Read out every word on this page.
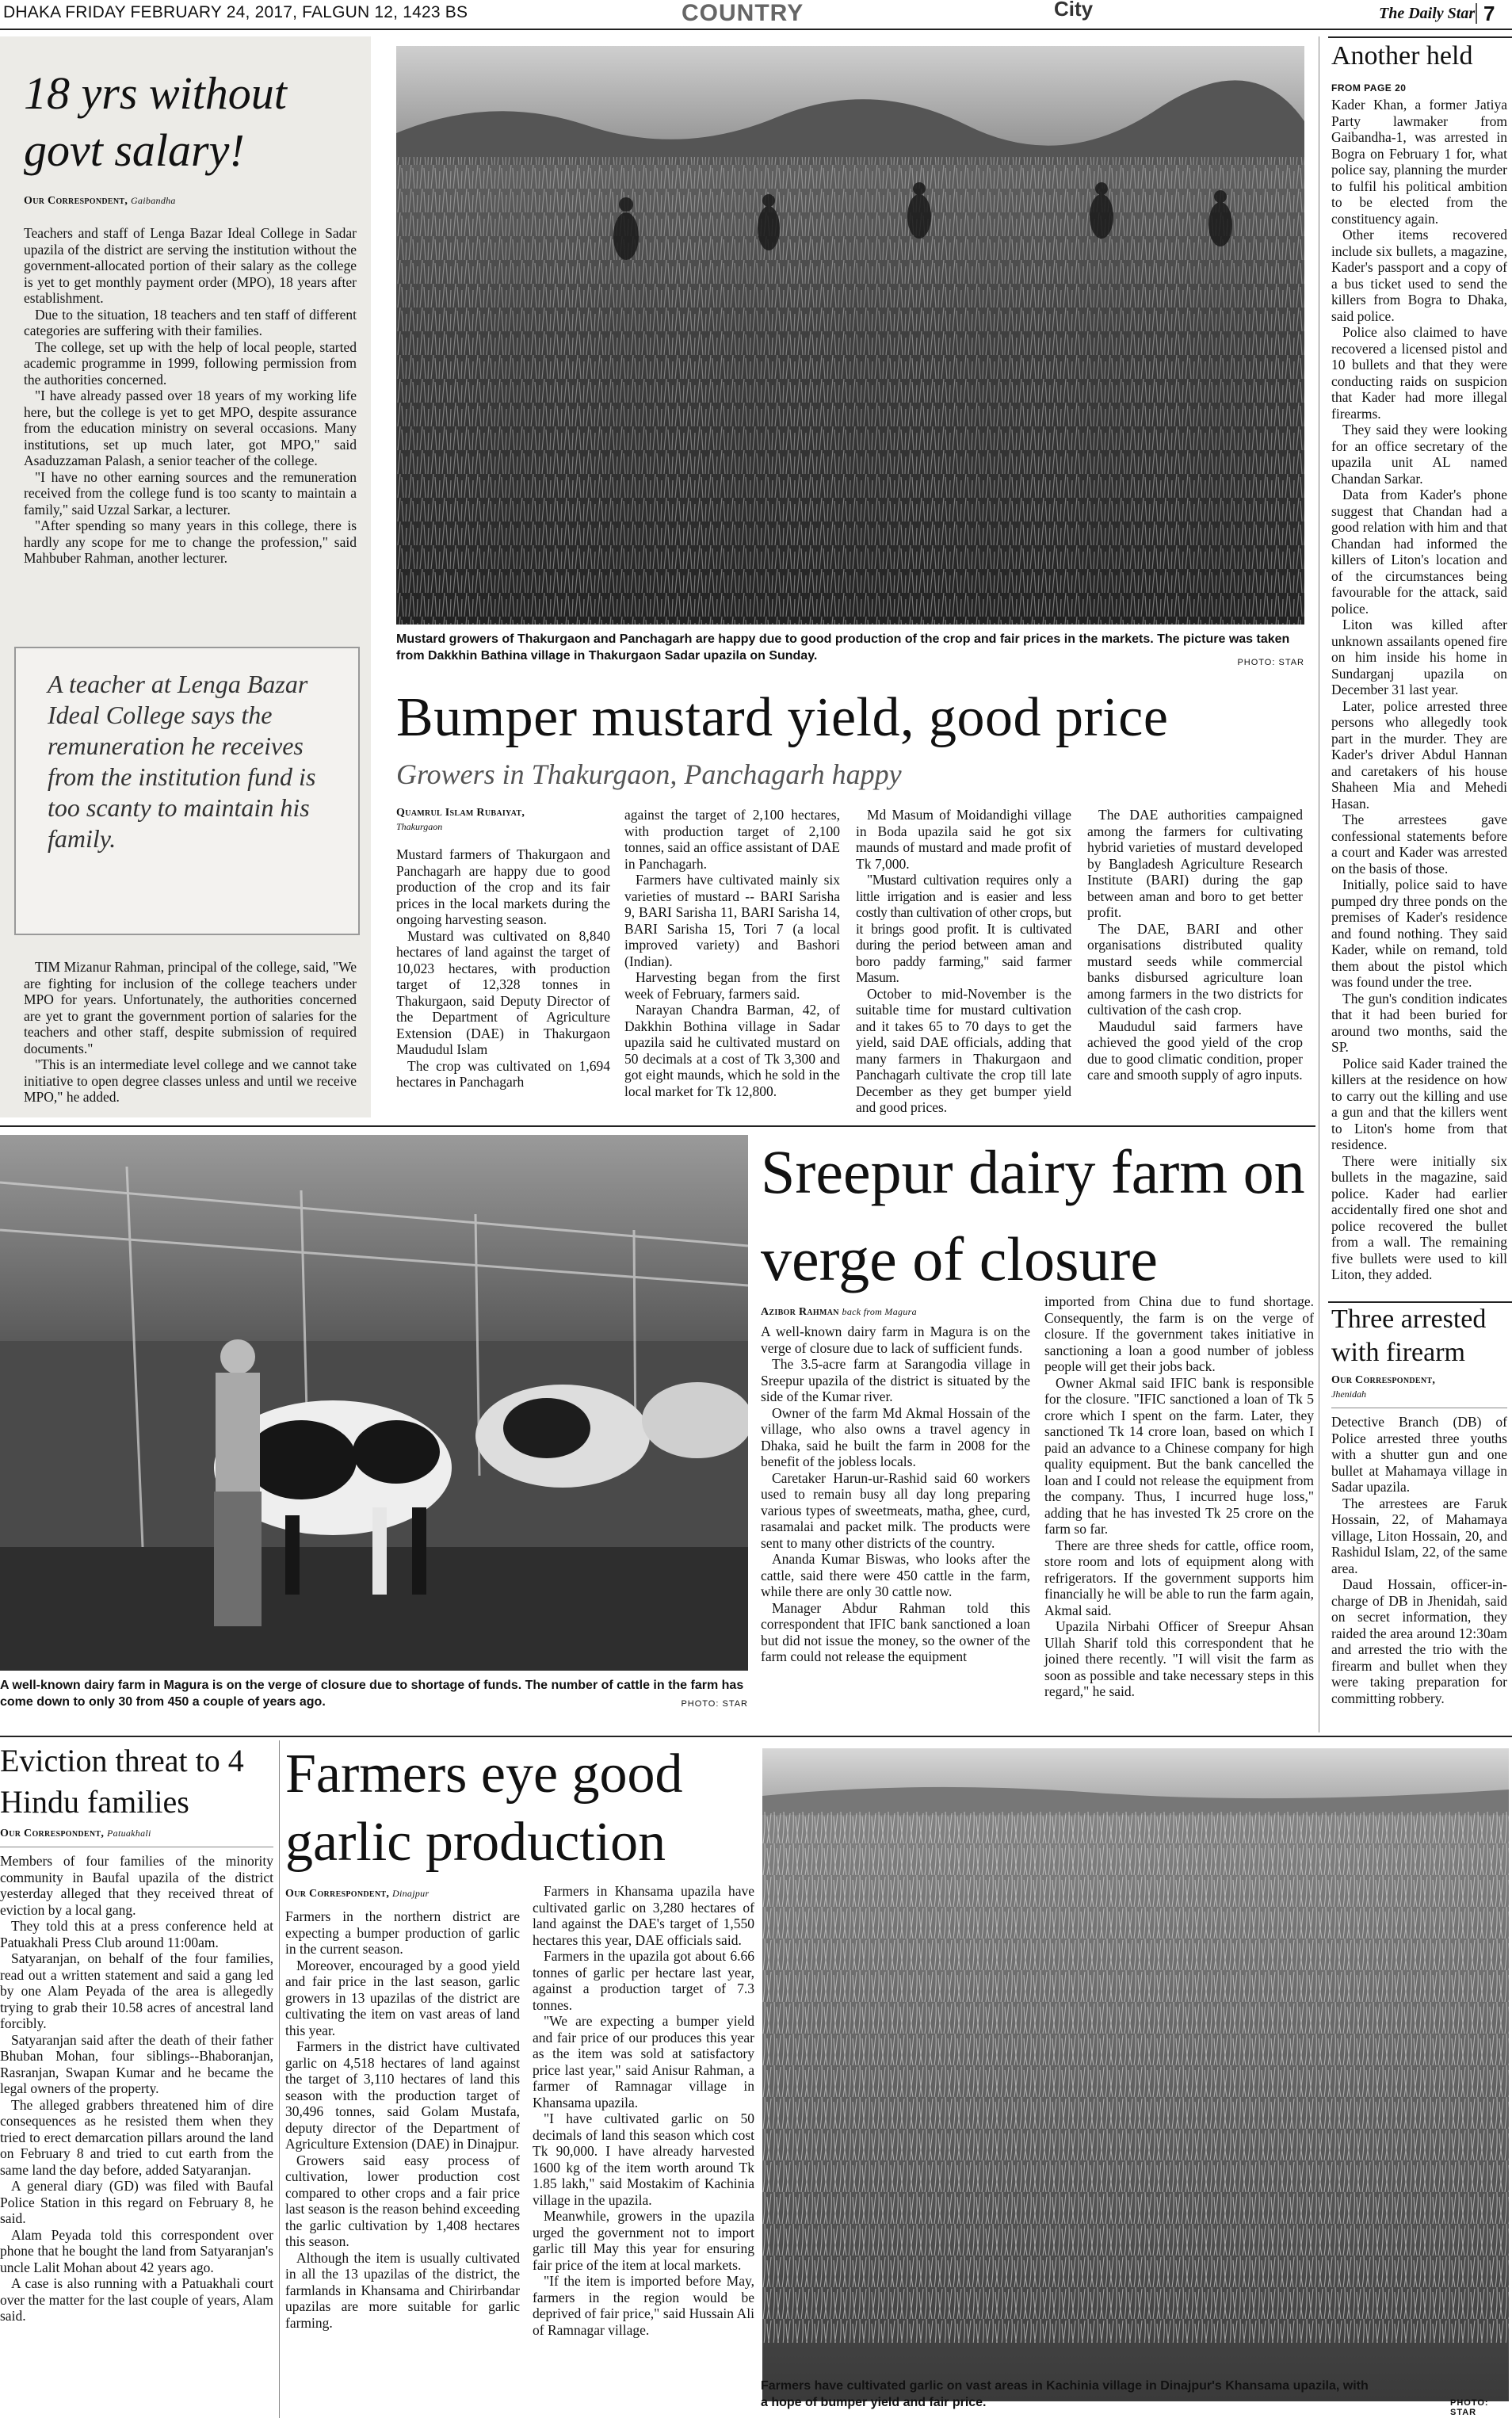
DHAKA FRIDAY FEBRUARY 24, 2017, FALGUN 12, 1423 BS	COUNTRY	City	The Daily Star 7
18 yrs without govt salary!
Our Correspondent, Gaibandha

Teachers and staff of Lenga Bazar Ideal College in Sadar upazila of the district are serving the institution without the government-allocated portion of their salary as the college is yet to get monthly payment order (MPO), 18 years after establishment.

Due to the situation, 18 teachers and ten staff of different categories are suffering with their families.

The college, set up with the help of local people, started academic programme in 1999, following permission from the authorities concerned.

"I have already passed over 18 years of my working life here, but the college is yet to get MPO, despite assurance from the education ministry on several occasions. Many institutions, set up much later, got MPO," said Asaduzzaman Palash, a senior teacher of the college.

"I have no other earning sources and the remuneration received from the college fund is too scanty to maintain a family," said Uzzal Sarkar, a lecturer.

"After spending so many years in this college, there is hardly any scope for me to change the profession," said Mahbuber Rahman, another lecturer.

A teacher at Lenga Bazar Ideal College says the remuneration he receives from the institution fund is too scanty to maintain his family.

TIM Mizanur Rahman, principal of the college, said, "We are fighting for inclusion of the college teachers under MPO for years. Unfortunately, the authorities concerned are yet to grant the government portion of salaries for the teachers and other staff, despite submission of required documents."

"This is an intermediate level college and we cannot take initiative to open degree classes unless and until we receive MPO," he added.

Mustard growers of Thakurgaon and Panchagarh are happy due to good production of the crop and fair prices in the markets. The picture was taken from Dakkhin Bathina village in Thakurgaon Sadar upazila on Sunday.	PHOTO: STAR
Bumper mustard yield, good price
Growers in Thakurgaon, Panchagarh happy
Quamrul Islam Rubaiyat,
Thakurgaon

Mustard farmers of Thakurgaon and Panchagarh are happy due to good production of the crop and its fair prices in the local markets during the ongoing harvesting season.

Mustard was cultivated on 8,840 hectares of land against the target of 10,023 hectares, with production target of 12,328 tonnes in Thakurgaon, said Deputy Director of the Department of Agriculture Extension (DAE) in Thakurgaon Maududul Islam

The crop was cultivated on 1,694 hectares in Panchagarh

against the target of 2,100 hectares, with production target of 2,100 tonnes, said an office assistant of DAE in Panchagarh.

Farmers have cultivated mainly six varieties of mustard -- BARI Sarisha 9, BARI Sarisha 11, BARI Sarisha 14, BARI Sarisha 15, Tori 7 (a local improved variety) and Bashori (Indian).

Harvesting began from the first week of February, farmers said.

Narayan Chandra Barman, 42, of Dakkhin Bothina village in Sadar upazila said he cultivated mustard on 50 decimals at a cost of Tk 3,300 and got eight maunds, which he sold in the local market for Tk 12,800.

Md Masum of Moidandighi village in Boda upazila said he got six maunds of mustard and made profit of Tk 7,000.

"Mustard cultivation requires only a little irrigation and is easier and less costly than cultivation of other crops, but it brings good profit. It is cultivated during the period between aman and boro paddy farming," said farmer Masum.

October to mid-November is the suitable time for mustard cultivation and it takes 65 to 70 days to get the yield, said DAE officials, adding that many farmers in Thakurgaon and Panchagarh cultivate the crop till late December as they get bumper yield and good prices.

The DAE authorities campaigned among the farmers for cultivating hybrid varieties of mustard developed by Bangladesh Agriculture Research Institute (BARI) during the gap between aman and boro to get better profit.

The DAE, BARI and other organisations distributed quality mustard seeds while commercial banks disbursed agriculture loan among farmers in the two districts for cultivation of the cash crop.

Maududul said farmers have achieved the good yield of the crop due to good climatic condition, proper care and smooth supply of agro inputs.

Another held
FROM PAGE 20

Kader Khan, a former Jatiya Party lawmaker from Gaibandha-1, was arrested in Bogra on February 1 for, what police say, planning the murder to fulfil his political ambition to be elected from the constituency again.

Other items recovered include six bullets, a magazine, Kader's passport and a copy of a bus ticket used to send the killers from Bogra to Dhaka, said police.

Police also claimed to have recovered a licensed pistol and 10 bullets and that they were conducting raids on suspicion that Kader had more illegal firearms.

They said they were looking for an office secretary of the upazila unit AL named Chandan Sarkar.

Data from Kader's phone suggest that Chandan had a good relation with him and that Chandan had informed the killers of Liton's location and of the circumstances being favourable for the attack, said police.

Liton was killed after unknown assailants opened fire on him inside his home in Sundarganj upazila on December 31 last year.

Later, police arrested three persons who allegedly took part in the murder. They are Kader's driver Abdul Hannan and caretakers of his house Shaheen Mia and Mehedi Hasan.

The arrestees gave confessional statements before a court and Kader was arrested on the basis of those.

Initially, police said to have pumped dry three ponds on the premises of Kader's residence and found nothing. They said Kader, while on remand, told them about the pistol which was found under the tree.

The gun's condition indicates that it had been buried for around two months, said the SP.

Police said Kader trained the killers at the residence on how to carry out the killing and use a gun and that the killers went to Liton's home from that residence.

There were initially six bullets in the magazine, said police. Kader had earlier accidentally fired one shot and police recovered the bullet from a wall. The remaining five bullets were used to kill Liton, they added.

Three arrested with firearm
Our Correspondent,
Jhenidah

Detective Branch (DB) of Police arrested three youths with a shutter gun and one bullet at Mahamaya village in Sadar upazila.

The arrestees are Faruk Hossain, 22, of Mahamaya village, Liton Hossain, 20, and Rashidul Islam, 22, of the same area.

Daud Hossain, officer-in-charge of DB in Jhenidah, said on secret information, they raided the area around 12:30am and arrested the trio with the firearm and bullet when they were taking preparation for committing robbery.

A well-known dairy farm in Magura is on the verge of closure due to shortage of funds. The number of cattle in the farm has come down to only 30 from 450 a couple of years ago.	PHOTO: STAR
Sreepur dairy farm on verge of closure
Azibor Rahman back from Magura

A well-known dairy farm in Magura is on the verge of closure due to lack of sufficient funds.

The 3.5-acre farm at Sarangodia village in Sreepur upazila of the district is situated by the side of the Kumar river.

Owner of the farm Md Akmal Hossain of the village, who also owns a travel agency in Dhaka, said he built the farm in 2008 for the benefit of the jobless locals.

Caretaker Harun-ur-Rashid said 60 workers used to remain busy all day long preparing various types of sweetmeats, matha, ghee, curd, rasamalai and packet milk. The products were sent to many other districts of the country.

Ananda Kumar Biswas, who looks after the cattle, said there were 450 cattle in the farm, while there are only 30 cattle now.

Manager Abdur Rahman told this correspondent that IFIC bank sanctioned a loan but did not issue the money, so the owner of the farm could not release the equipment

imported from China due to fund shortage. Consequently, the farm is on the verge of closure. If the government takes initiative in sanctioning a loan a good number of jobless people will get their jobs back.

Owner Akmal said IFIC bank is responsible for the closure. "IFIC sanctioned a loan of Tk 5 crore which I spent on the farm. Later, they sanctioned Tk 14 crore loan, based on which I paid an advance to a Chinese company for high quality equipment. But the bank cancelled the loan and I could not release the equipment from the company. Thus, I incurred huge loss," adding that he has invested Tk 25 crore on the farm so far.

There are three sheds for cattle, office room, store room and lots of equipment along with refrigerators. If the government supports him financially he will be able to run the farm again, Akmal said.

Upazila Nirbahi Officer of Sreepur Ahsan Ullah Sharif told this correspondent that he joined there recently. "I will visit the farm as soon as possible and take necessary steps in this regard," he said.

Eviction threat to 4 Hindu families
Our Correspondent, Patuakhali

Members of four families of the minority community in Baufal upazila of the district yesterday alleged that they received threat of eviction by a local gang.

They told this at a press conference held at Patuakhali Press Club around 11:00am.

Satyaranjan, on behalf of the four families, read out a written statement and said a gang led by one Alam Peyada of the area is allegedly trying to grab their 10.58 acres of ancestral land forcibly.

Satyaranjan said after the death of their father Bhuban Mohan, four siblings--Bhaboranjan, Rasranjan, Swapan Kumar and he became the legal owners of the property.

The alleged grabbers threatened him of dire consequences as he resisted them when they tried to erect demarcation pillars around the land on February 8 and tried to cut earth from the same land the day before, added Satyaranjan.

A general diary (GD) was filed with Baufal Police Station in this regard on February 8, he said.

Alam Peyada told this correspondent over phone that he bought the land from Satyaranjan's uncle Lalit Mohan about 42 years ago.

A case is also running with a Patuakhali court over the matter for the last couple of years, Alam said.

Farmers eye good garlic production
Our Correspondent, Dinajpur

Farmers in the northern district are expecting a bumper production of garlic in the current season.

Moreover, encouraged by a good yield and fair price in the last season, garlic growers in 13 upazilas of the district are cultivating the item on vast areas of land this year.

Farmers in the district have cultivated garlic on 4,518 hectares of land against the target of 3,110 hectares of land this season with the production target of 30,496 tonnes, said Golam Mustafa, deputy director of the Department of Agriculture Extension (DAE) in Dinajpur.

Growers said easy process of cultivation, lower production cost compared to other crops and a fair price last season is the reason behind exceeding the garlic cultivation by 1,408 hectares this season.

Although the item is usually cultivated in all the 13 upazilas of the district, the farmlands in Khansama and Chirirbandar upazilas are more suitable for garlic farming.

Farmers in Khansama upazila have cultivated garlic on 3,280 hectares of land against the DAE's target of 1,550 hectares this year, DAE officials said.

Farmers in the upazila got about 6.66 tonnes of garlic per hectare last year, against a production target of 7.3 tonnes.

"We are expecting a bumper yield and fair price of our produces this year as the item was sold at satisfactory price last year," said Anisur Rahman, a farmer of Ramnagar village in Khansama upazila.

"I have cultivated garlic on 50 decimals of land this season which cost Tk 90,000. I have already harvested 1600 kg of the item worth around Tk 1.85 lakh," said Mostakim of Kachinia village in the upazila.

Meanwhile, growers in the upazila urged the government not to import garlic till May this year for ensuring fair price of the item at local markets.

"If the item is imported before May, farmers in the region would be deprived of fair price," said Hussain Ali of Ramnagar village.

Farmers have cultivated garlic on vast areas in Kachinia village in Dinajpur's Khansama upazila, with a hope of bumper yield and fair price.	PHOTO: STAR
